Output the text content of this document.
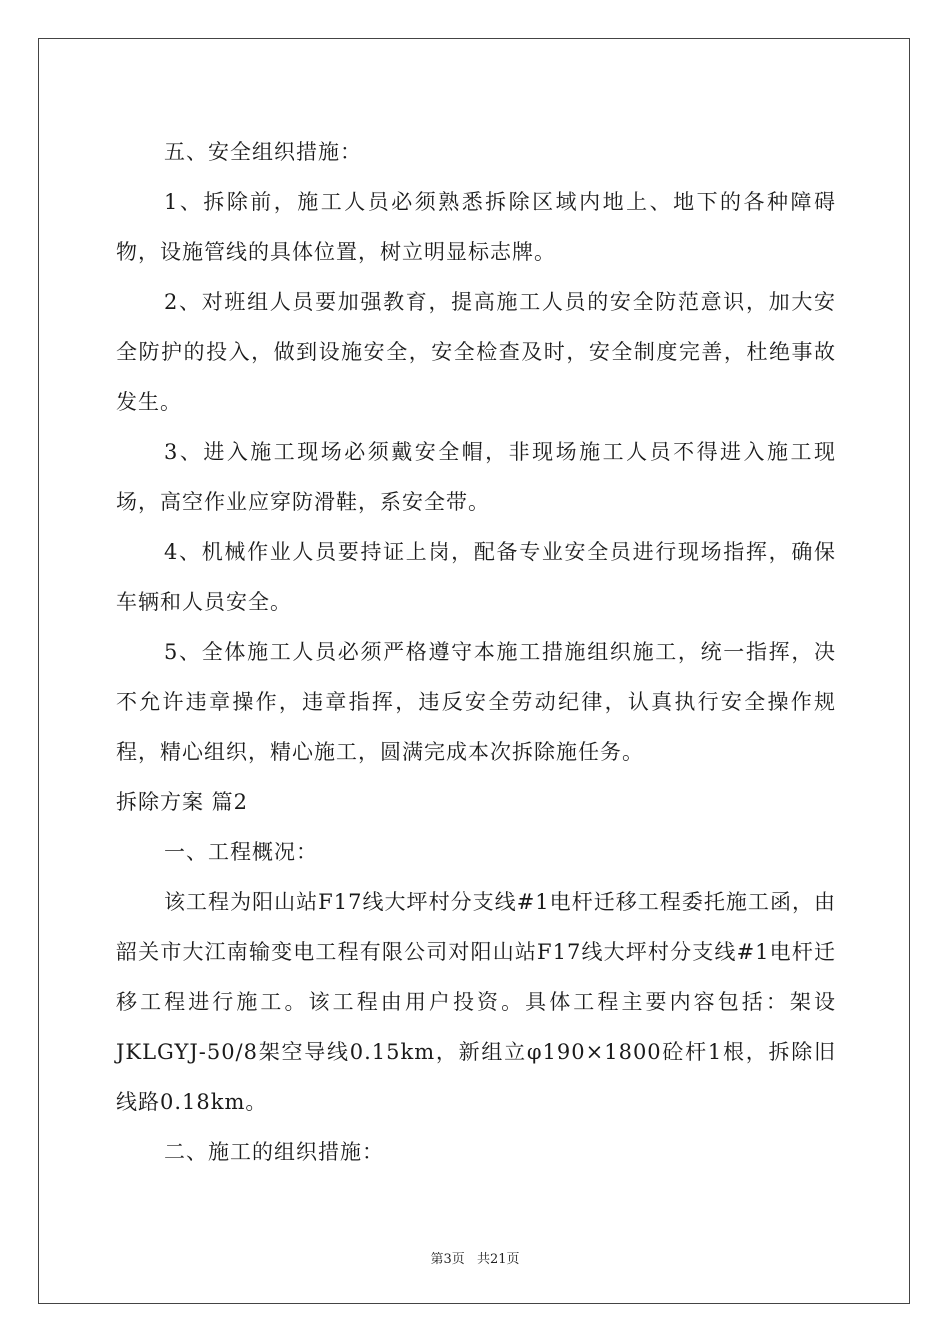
五、安全组织措施：

1、拆除前，施工人员必须熟悉拆除区域内地上、地下的各种障碍物，设施管线的具体位置，树立明显标志牌。

2、对班组人员要加强教育，提高施工人员的安全防范意识，加大安全防护的投入，做到设施安全，安全检查及时，安全制度完善，杜绝事故发生。

3、进入施工现场必须戴安全帽，非现场施工人员不得进入施工现场，高空作业应穿防滑鞋，系安全带。

4、机械作业人员要持证上岗，配备专业安全员进行现场指挥，确保车辆和人员安全。

5、全体施工人员必须严格遵守本施工措施组织施工，统一指挥，决不允许违章操作，违章指挥，违反安全劳动纪律，认真执行安全操作规程，精心组织，精心施工，圆满完成本次拆除施任务。

拆除方案 篇2

一、工程概况：

该工程为阳山站F17线大坪村分支线#1电杆迁移工程委托施工函，由韶关市大江南输变电工程有限公司对阳山站F17线大坪村分支线#1电杆迁移工程进行施工。该工程由用户投资。具体工程主要内容包括：架设JKLGYJ-50/8架空导线0.15km，新组立φ190×1800砼杆1根，拆除旧线路0.18km。

二、施工的组织措施：

第3页 共21页
